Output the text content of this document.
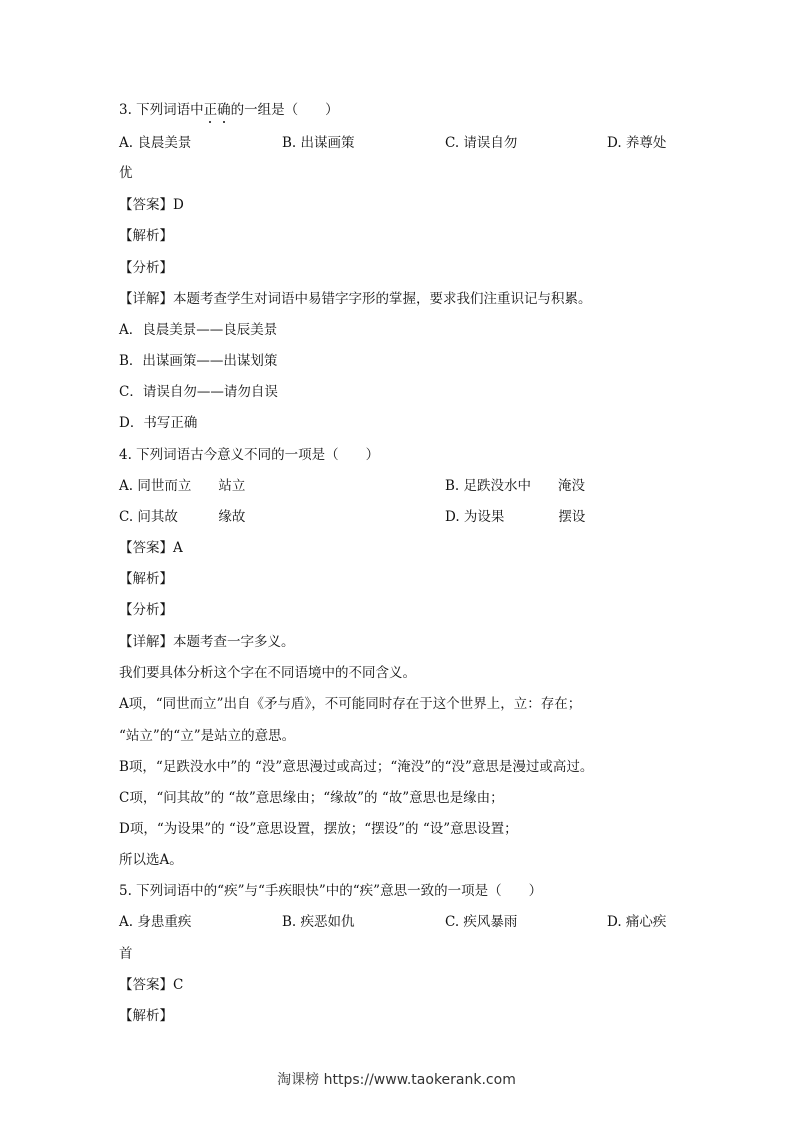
3. 下列词语中正确的一组是（　　）
A. 良晨美景	B. 出谋画策	C. 请误自勿	D. 养尊处
优
【答案】D
【解析】
【分析】
【详解】本题考查学生对词语中易错字字形的掌握，要求我们注重识记与积累。
A．良晨美景——良辰美景
B．出谋画策——出谋划策
C．请误自勿——请勿自误
D．书写正确
4. 下列词语古今意义不同的一项是（　　）
A. 同世而立　　站立	B. 足跌没水中　　淹没
C. 问其故　　　缘故	D. 为设果　　　　摆设
【答案】A
【解析】
【分析】
【详解】本题考查一字多义。
我们要具体分析这个字在不同语境中的不同含义。
A项，“同世而立”出自《矛与盾》，不可能同时存在于这个世界上，立：存在；
“站立”的“立”是站立的意思。
B项，“足跌没水中”的 “没”意思漫过或高过；“淹没”的“没”意思是漫过或高过。
C项，“问其故”的 “故”意思缘由；“缘故”的 “故”意思也是缘由；
D项，“为设果”的 “设”意思设置，摆放；“摆设”的 “设”意思设置；
所以选A。
5. 下列词语中的“疾”与“手疾眼快”中的“疾”意思一致的一项是（　　）
A. 身患重疾	B. 疾恶如仇	C. 疾风暴雨	D. 痛心疾
首
【答案】C
【解析】
淘课榜 https://www.taokerank.com
